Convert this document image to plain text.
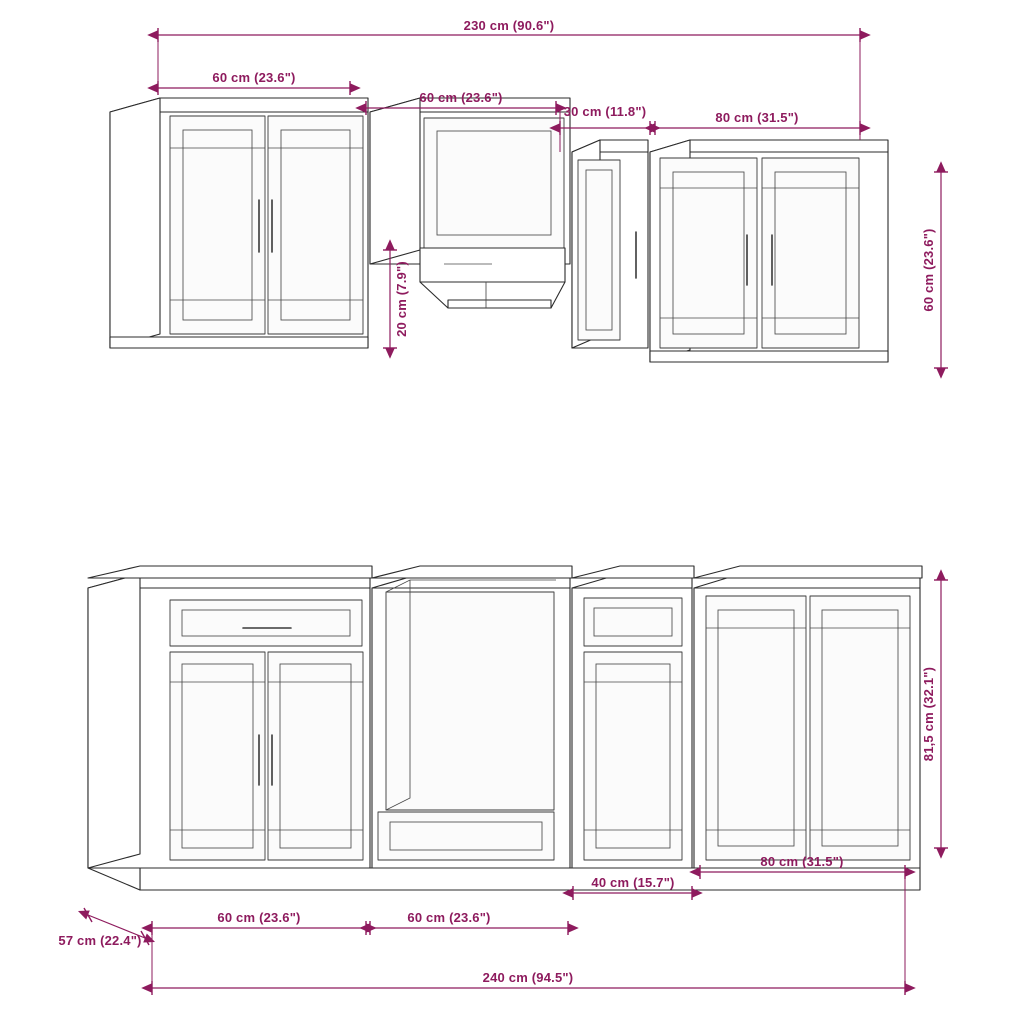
230 cm (90.6")
60 cm (23.6")
60 cm (23.6")
30 cm (11.8")	80 cm (31.5")
60 cm (23.6")
20 cm (7.9")
81,5 cm (32.1")
57 cm (22.4")
80 cm (31.5")
40 cm (15.7")
60 cm (23.6")
60 cm (23.6")
240 cm (94.5")
